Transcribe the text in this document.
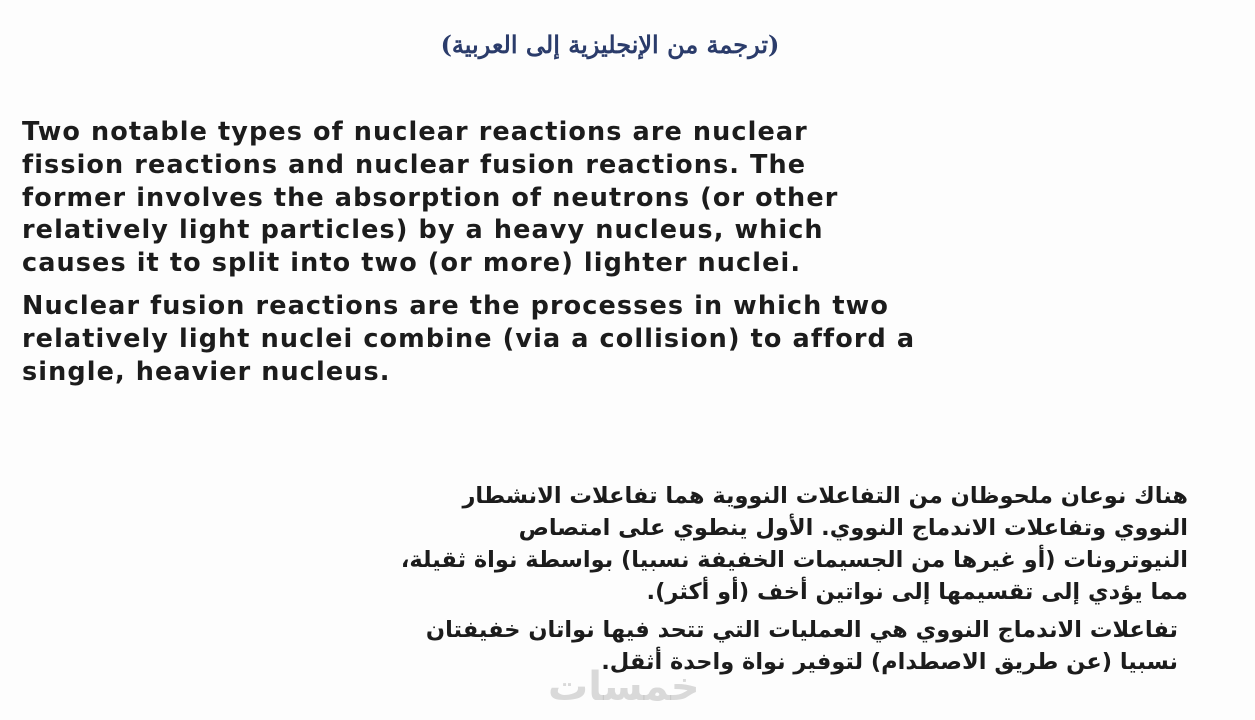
(ترجمة من الإنجليزية إلى العربية)

Two notable types of nuclear reactions are nuclear
fission reactions and nuclear fusion reactions. The
former involves the absorption of neutrons (or other
relatively light particles) by a heavy nucleus, which
causes it to split into two (or more) lighter nuclei.

Nuclear fusion reactions are the processes in which two
relatively light nuclei combine (via a collision) to afford a
single, heavier nucleus.

هناك نوعان ملحوظان من التفاعلات النووية هما تفاعلات الانشطار
النووي وتفاعلات الاندماج النووي. الأول ينطوي على امتصاص
النيوترونات (أو غيرها من الجسيمات الخفيفة نسبيا) بواسطة نواة ثقيلة،
مما يؤدي إلى تقسيمها إلى نواتين أخف (أو أكثر).

تفاعلات الاندماج النووي هي العمليات التي تتحد فيها نواتان خفيفتان
نسبيا (عن طريق الاصطدام) لتوفير نواة واحدة أثقل.

خمسات
